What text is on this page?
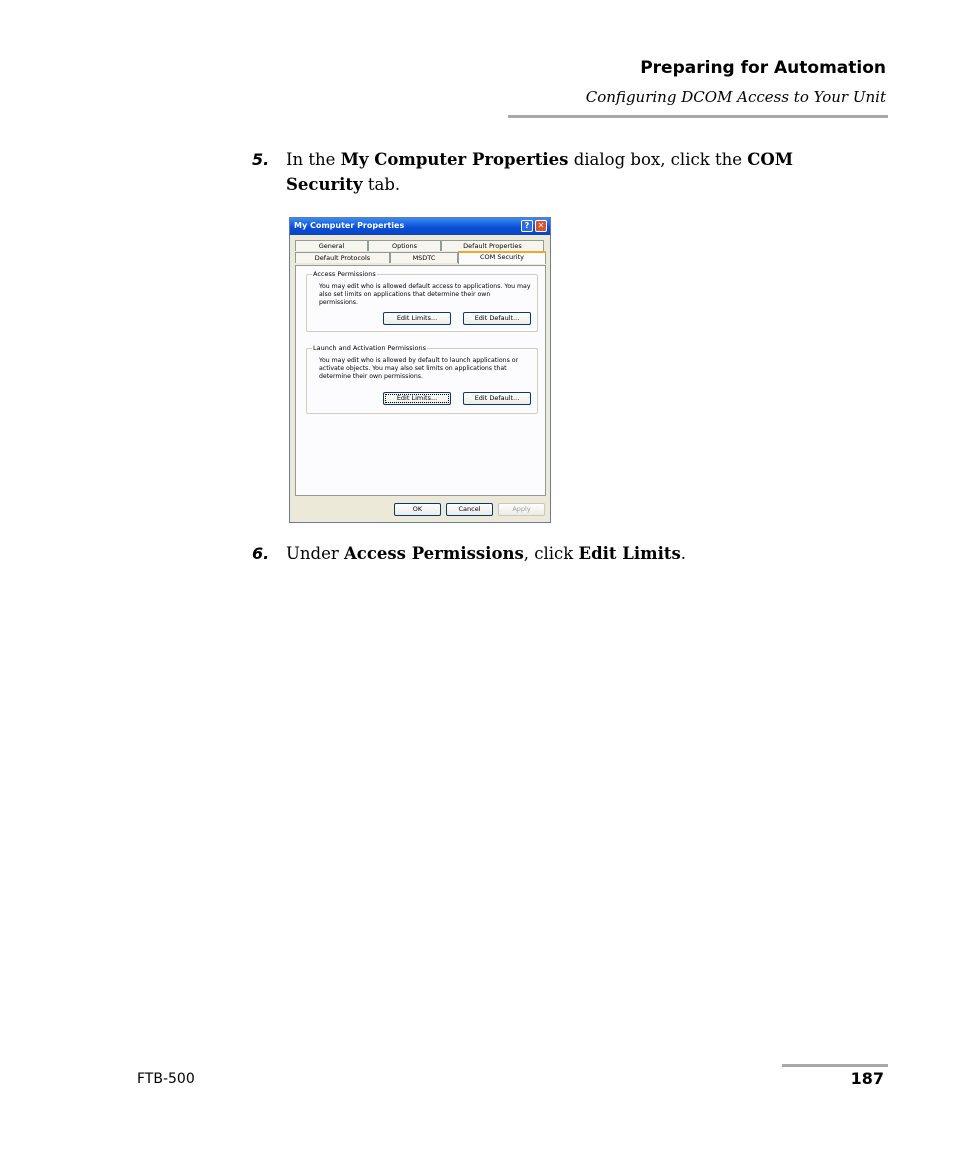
Preparing for Automation
Configuring DCOM Access to Your Unit
5. In the My Computer Properties dialog box, click the COM Security tab.
My Computer Properties	?	✕
General	Options	Default Properties
Default Protocols	MSDTC	COM Security
Access Permissions
You may edit who is allowed default access to applications. You may also set limits on applications that determine their own permissions.
Edit Limits...	Edit Default...
Launch and Activation Permissions
You may edit who is allowed by default to launch applications or activate objects. You may also set limits on applications that determine their own permissions.
Edit Limits...	Edit Default...
OK	Cancel	Apply
6. Under Access Permissions, click Edit Limits.
FTB-500	187
